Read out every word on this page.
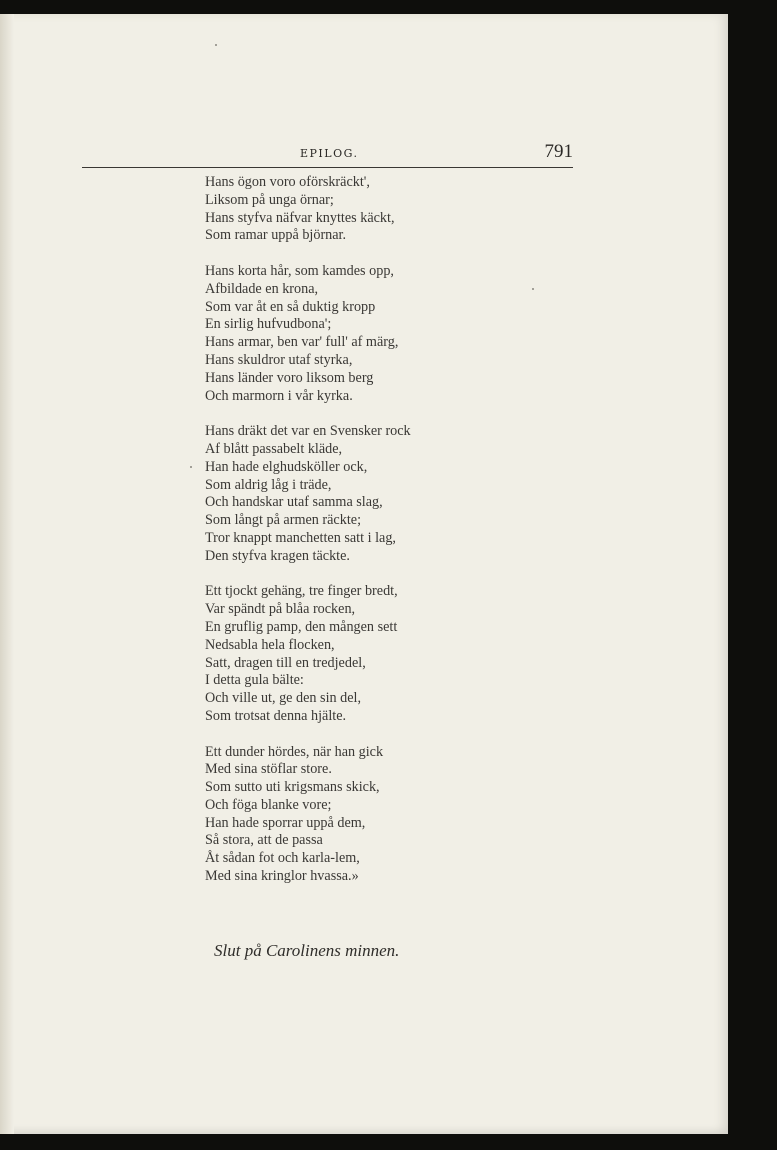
EPILOG.	791
Hans ögon voro oförskräckt',
Liksom på unga örnar;
Hans styfva näfvar knyttes käckt,
Som ramar uppå björnar.
Hans korta hår, som kamdes opp,
Afbildade en krona,
Som var åt en så duktig kropp
En sirlig hufvudbona';
Hans armar, ben var' full' af märg,
Hans skuldror utaf styrka,
Hans länder voro liksom berg
Och marmorn i vår kyrka.
Hans dräkt det var en Svensker rock
Af blått passabelt kläde,
Han hade elghudsköller ock,
Som aldrig låg i träde,
Och handskar utaf samma slag,
Som långt på armen räckte;
Tror knappt manchetten satt i lag,
Den styfva kragen täckte.
Ett tjockt gehäng, tre finger bredt,
Var spändt på blåa rocken,
En gruflig pamp, den mången sett
Nedsabla hela flocken,
Satt, dragen till en tredjedel,
I detta gula bälte:
Och ville ut, ge den sin del,
Som trotsat denna hjälte.
Ett dunder hördes, när han gick
Med sina stöflar store.
Som sutto uti krigsmans skick,
Och föga blanke vore;
Han hade sporrar uppå dem,
Så stora, att de passa
Åt sådan fot och karla-lem,
Med sina kringlor hvassa.»
Slut på Carolinens minnen.
